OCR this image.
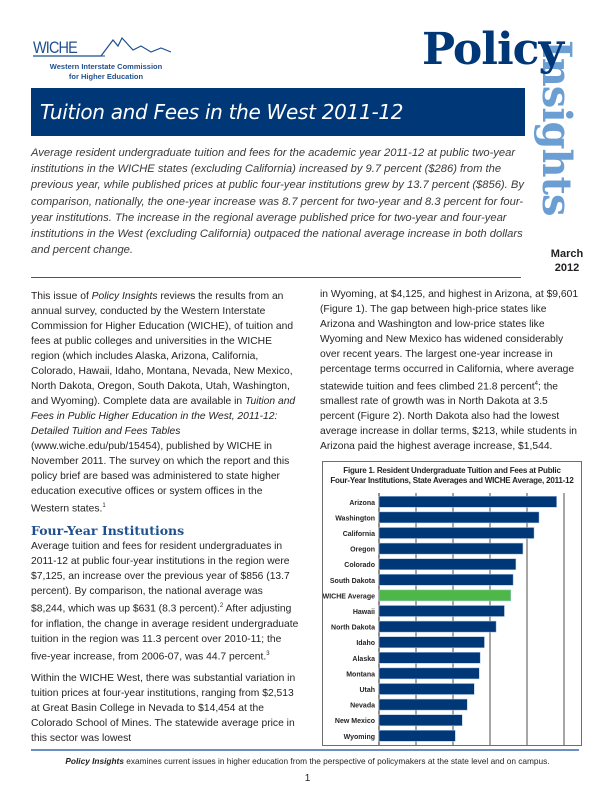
WICHE
Western Interstate Commission
for Higher Education
Policy
Insights
March
2012
Tuition and Fees in the West 2011-12
Average resident undergraduate tuition and fees for the academic year 2011-12 at public two-year institutions in the WICHE states (excluding California) increased by 9.7 percent ($286) from the previous year, while published prices at public four-year institutions grew by 13.7 percent ($856). By comparison, nationally, the one-year increase was 8.7 percent for two-year and 8.3 percent for four-year institutions. The increase in the regional average published price for two-year and four-year institutions in the West (excluding California) outpaced the national average increase in both dollars and percent change.

This issue of Policy Insights reviews the results from an annual survey, conducted by the Western Interstate Commission for Higher Education (WICHE), of tuition and fees at public colleges and universities in the WICHE region (which includes Alaska, Arizona, California, Colorado, Hawaii, Idaho, Montana, Nevada, New Mexico, North Dakota, Oregon, South Dakota, Utah, Washington, and Wyoming). Complete data are available in Tuition and Fees in Public Higher Education in the West, 2011-12: Detailed Tuition and Fees Tables (www.wiche.edu/pub/15454), published by WICHE in November 2011. The survey on which the report and this policy brief are based was administered to state higher education executive offices or system offices in the Western states.$^1$

Four-Year Institutions

Average tuition and fees for resident undergraduates in 2011-12 at public four-year institutions in the region were $7,125, an increase over the previous year of $856 (13.7 percent). By comparison, the national average was $8,244, which was up $631 (8.3 percent).$^2$ After adjusting for inflation, the change in average resident undergraduate tuition in the region was 11.3 percent over 2010-11; the five-year increase, from 2006-07, was 44.7 percent.$^3$

Within the WICHE West, there was substantial variation in tuition prices at four-year institutions, ranging from $2,513 at Great Basin College in Nevada to $14,454 at the Colorado School of Mines. The statewide average price in this sector was lowest

in Wyoming, at $4,125, and highest in Arizona, at $9,601 (Figure 1). The gap between high-price states like Arizona and Washington and low-price states like Wyoming and New Mexico has widened considerably over recent years. The largest one-year increase in percentage terms occurred in California, where average statewide tuition and fees climbed 21.8 percent$^4$; the smallest rate of growth was in North Dakota at 3.5 percent (Figure 2). North Dakota also had the lowest average increase in dollar terms, $213, while students in Arizona paid the highest average increase, $1,544.

Arizona
Washington
California
Oregon
Colorado
South Dakota
WICHE Average
Hawaii
North Dakota
Idaho
Alaska
Montana
Utah
Nevada
New Mexico
Wyoming
Figure 1. Resident Undergraduate Tuition and Fees at Public
Four-Year Institutions, State Averages and WICHE Average, 2011-12
Policy Insights examines current issues in higher education from the perspective of policymakers at the state level and on campus.
1
